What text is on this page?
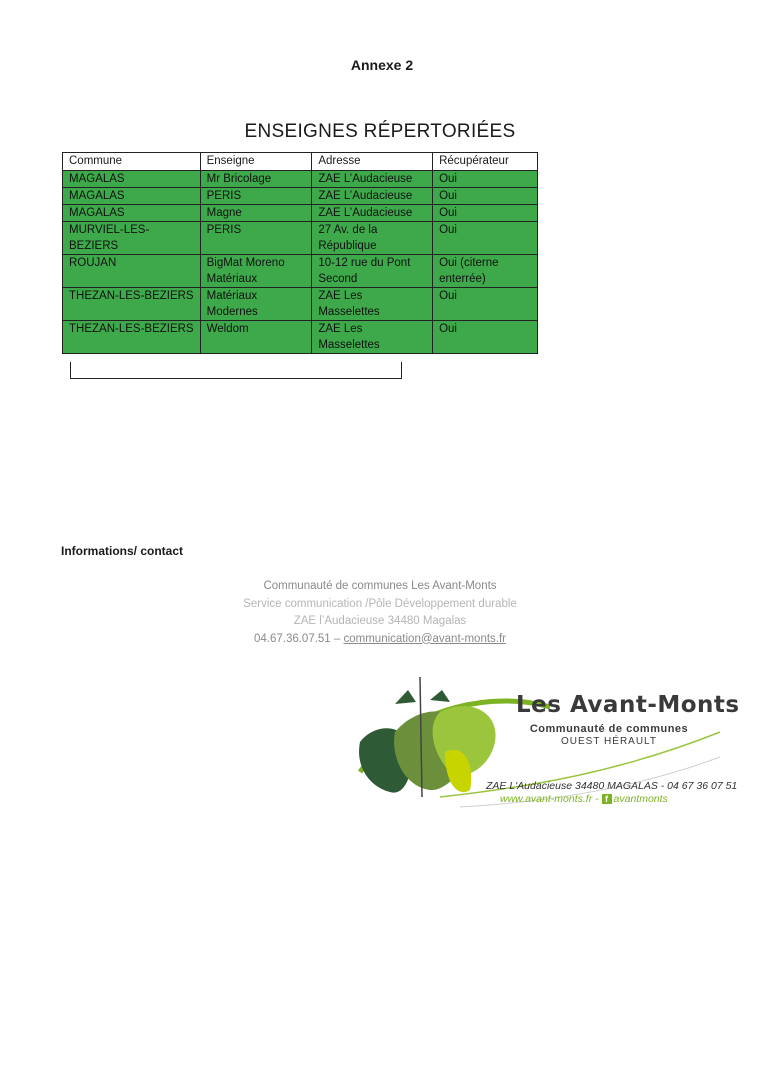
Annexe 2
ENSEIGNES RÉPERTORIÉES
Commune	Enseigne	Adresse	Récupérateur
MAGALAS	Mr Bricolage	ZAE L’Audacieuse	Oui
MAGALAS	PERIS	ZAE L’Audacieuse	Oui
MAGALAS	Magne	ZAE L’Audacieuse	Oui
MURVIEL-LES-BEZIERS	PERIS	27 Av. de la République	Oui
ROUJAN	BigMat Moreno Matériaux	10-12 rue du Pont Second	Oui (citerne enterrée)
THEZAN-LES-BEZIERS	Matériaux Modernes	ZAE Les Masselettes	Oui
THEZAN-LES-BEZIERS	Weldom	ZAE Les Masselettes	Oui
Informations/ contact
Communauté de communes Les Avant-Monts
Service communication /Pôle Développement durable
ZAE l’Audacieuse 34480 Magalas
04.67.36.07.51 – communication@avant-monts.fr
Les Avant-Monts
Communauté de communes
OUEST HÉRAULT
ZAE L'Audacieuse 34480 MAGALAS - 04 67 36 07 51
www.avant-monts.fr - f avantmonts
